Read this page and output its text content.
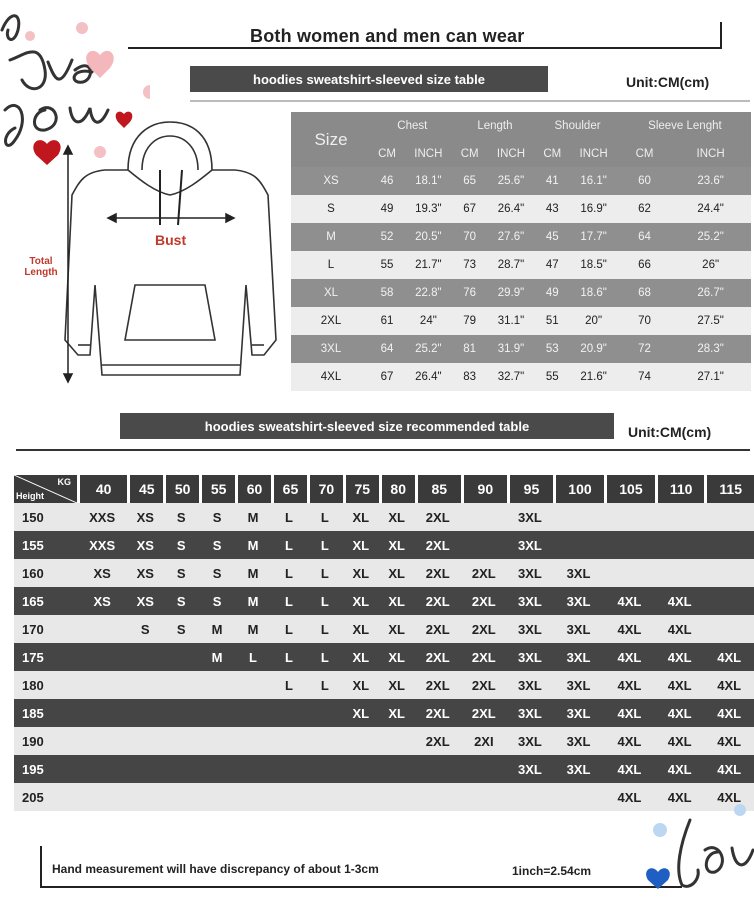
Both women and men can wear
hoodies sweatshirt-sleeved size table	Unit:CM(cm)
Total Length
Bust
Size	Chest		Length		Shoulder		Sleeve Lenght	
	CM	INCH	CM	INCH	CM	INCH	CM	INCH
XS	46	18.1"	65	25.6"	41	16.1"	60	23.6"
S	49	19.3"	67	26.4"	43	16.9"	62	24.4"
M	52	20.5"	70	27.6"	45	17.7"	64	25.2"
L	55	21.7"	73	28.7"	47	18.5"	66	26"
XL	58	22.8"	76	29.9"	49	18.6"	68	26.7"
2XL	61	24"	79	31.1"	51	20"	70	27.5"
3XL	64	25.2"	81	31.9"	53	20.9"	72	28.3"
4XL	67	26.4"	83	32.7"	55	21.6"	74	27.1"
hoodies sweatshirt-sleeved size recommended table	Unit:CM(cm)
KG
Height	40	45	50	55	60	65	70	75	80	85	90	95	100	105	110	115
150	XXS	XS	S	S	M	L	L	XL	XL	2XL		3XL				
155	XXS	XS	S	S	M	L	L	XL	XL	2XL		3XL				
160	XS	XS	S	S	M	L	L	XL	XL	2XL	2XL	3XL	3XL			
165	XS	XS	S	S	M	L	L	XL	XL	2XL	2XL	3XL	3XL	4XL	4XL	
170		S	S	M	M	L	L	XL	XL	2XL	2XL	3XL	3XL	4XL	4XL	
175				M	L	L	L	XL	XL	2XL	2XL	3XL	3XL	4XL	4XL	4XL
180						L	L	XL	XL	2XL	2XL	3XL	3XL	4XL	4XL	4XL
185								XL	XL	2XL	2XL	3XL	3XL	4XL	4XL	4XL
190										2XL	2XI	3XL	3XL	4XL	4XL	4XL
195												3XL	3XL	4XL	4XL	4XL
205														4XL	4XL	4XL
Hand measurement will have discrepancy of about 1-3cm	1inch=2.54cm
